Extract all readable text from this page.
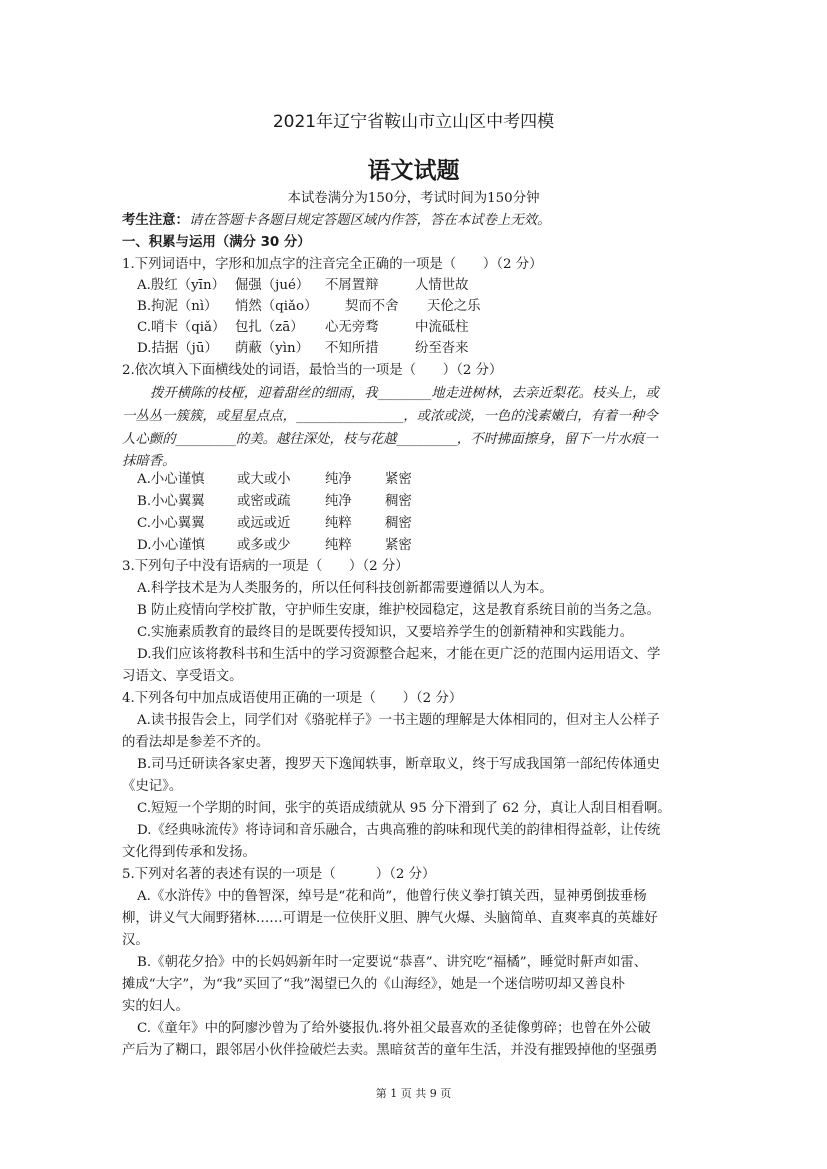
2021年辽宁省鞍山市立山区中考四模
语文试题
本试卷满分为150分，考试时间为150分钟
考生注意：请在答题卡各题目规定答题区域内作答，答在本试卷上无效。
一、积累与运用（满分 30 分）
1.下列词语中，字形和加点字的注音完全正确的一项是（　　）（2 分）
A.殷红（yīn） 倔强（jué）	不屑置辩	人情世故
B.拘泥（nì）	悄然（qiǎo）	契而不舍	天伦之乐
C.哨卡（qiǎ） 包扎（zā）	心无旁骛	中流砥柱
D.拮据（jū）	荫蔽（yìn）	不知所措	纷至沓来
2.依次填入下面横线处的词语，最恰当的一项是（　　）（2 分）
拨开横陈的枝桠，迎着甜丝的细雨，我________地走进树林，去亲近梨花。枝头上，或
一丛丛一簇簇，或星星点点，________________，或浓或淡，一色的浅素嫩白，有着一种令
人心颤的_________的美。越往深处，枝与花越_________，不时拂面擦身，留下一片水痕一
抹暗香。
A.小心谨慎	或大或小	纯净	紧密
B.小心翼翼	或密或疏	纯净	稠密
C.小心翼翼	或远或近	纯粹	稠密
D.小心谨慎	或多或少	纯粹	紧密
3.下列句子中没有语病的一项是（　　）（2 分）
A.科学技术是为人类服务的，所以任何科技创新都需要遵循以人为本。
B 防止疫情向学校扩散，守护师生安康，维护校园稳定，这是教育系统目前的当务之急。
C.实施素质教育的最终目的是既要传授知识，又要培养学生的创新精神和实践能力。
D.我们应该将教科书和生活中的学习资源整合起来，才能在更广泛的范围内运用语文、学
习语文、享受语文。
4.下列各句中加点成语使用正确的一项是（　　）（2 分）
A.读书报告会上，同学们对《骆驼样子》一书主题的理解是大体相同的，但对主人公样子
的看法却是参差不齐的。
B.司马迁研读各家史著，搜罗天下逸闻轶事，断章取义，终于写成我国第一部纪传体通史
《史记》。
C.短短一个学期的时间，张宇的英语成绩就从 95 分下滑到了 62 分，真让人刮目相看啊。
D.《经典咏流传》将诗词和音乐融合，古典高雅的韵味和现代美的韵律相得益彰，让传统
文化得到传承和发扬。
5.下列对名著的表述有误的一项是（　　　）（2 分）
A.《水浒传》中的鲁智深，绰号是“花和尚”，他曾行侠义拳打镇关西，显神勇倒拔垂杨
柳，讲义气大闹野猪林……可谓是一位侠肝义胆、脾气火爆、头脑简单、直爽率真的英雄好
汉。
B.《朝花夕拾》中的长妈妈新年时一定要说“恭喜”、讲究吃“福橘”，睡觉时鼾声如雷、
摊成“大字”，为“我”买回了“我”渴望已久的《山海经》，她是一个迷信唠叨却又善良朴
实的妇人。
C.《童年》中的阿廖沙曾为了给外婆报仇.将外祖父最喜欢的圣徒像剪碎；也曾在外公破
产后为了糊口，跟邻居小伙伴捡破烂去卖。黑暗贫苦的童年生活，并没有摧毁掉他的坚强勇
第 1 页 共 9 页
